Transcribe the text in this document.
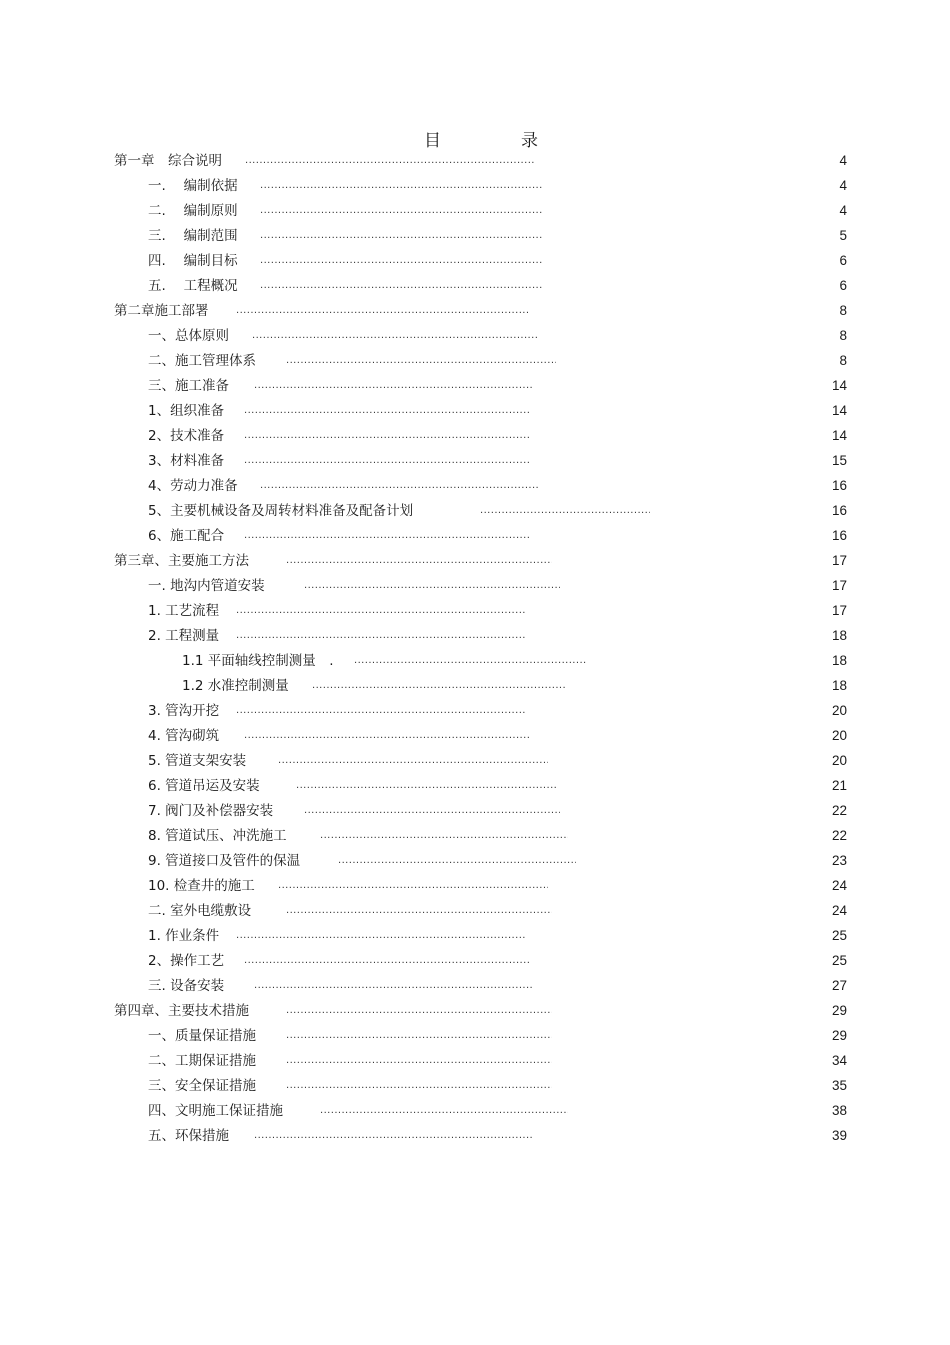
目	录
第一章　综合说明 .....	4
一.　 编制依据 .....	4
二.　 编制原则 .....	4
三.　 编制范围 .....	5
四.　 编制目标 .....	6
五.　 工程概况 .....	6
第二章施工部署 .....	8
一、总体原则 .....	8
二、施工管理体系 .....	8
三、施工准备 .....	14
1、组织准备 .....	14
2、技术准备 .....	14
3、材料准备 .....	15
4、劳动力准备 .....	16
5、主要机械设备及周转材料准备及配备计划 .....	16
6、施工配合 .....	16
第三章、主要施工方法 .....	17
一. 地沟内管道安装 .....	17
1. 工艺流程 .....	17
2. 工程测量 .....	18
1.1 平面轴线控制测量　. .....	18
1.2 水准控制测量 .....	18
3. 管沟开挖 .....	20
4. 管沟砌筑 .....	20
5. 管道支架安装 .....	20
6. 管道吊运及安装 .....	21
7. 阀门及补偿器安装 .....	22
8. 管道试压、冲洗施工 .....	22
9. 管道接口及管件的保温 .....	23
10. 检查井的施工 .....	24
二. 室外电缆敷设 .....	24
1. 作业条件 .....	25
2、操作工艺 .....	25
三. 设备安装 .....	27
第四章、主要技术措施 .....	29
一、质量保证措施 .....	29
二、工期保证措施 .....	34
三、安全保证措施 .....	35
四、文明施工保证措施 .....	38
五、环保措施 .....	39
